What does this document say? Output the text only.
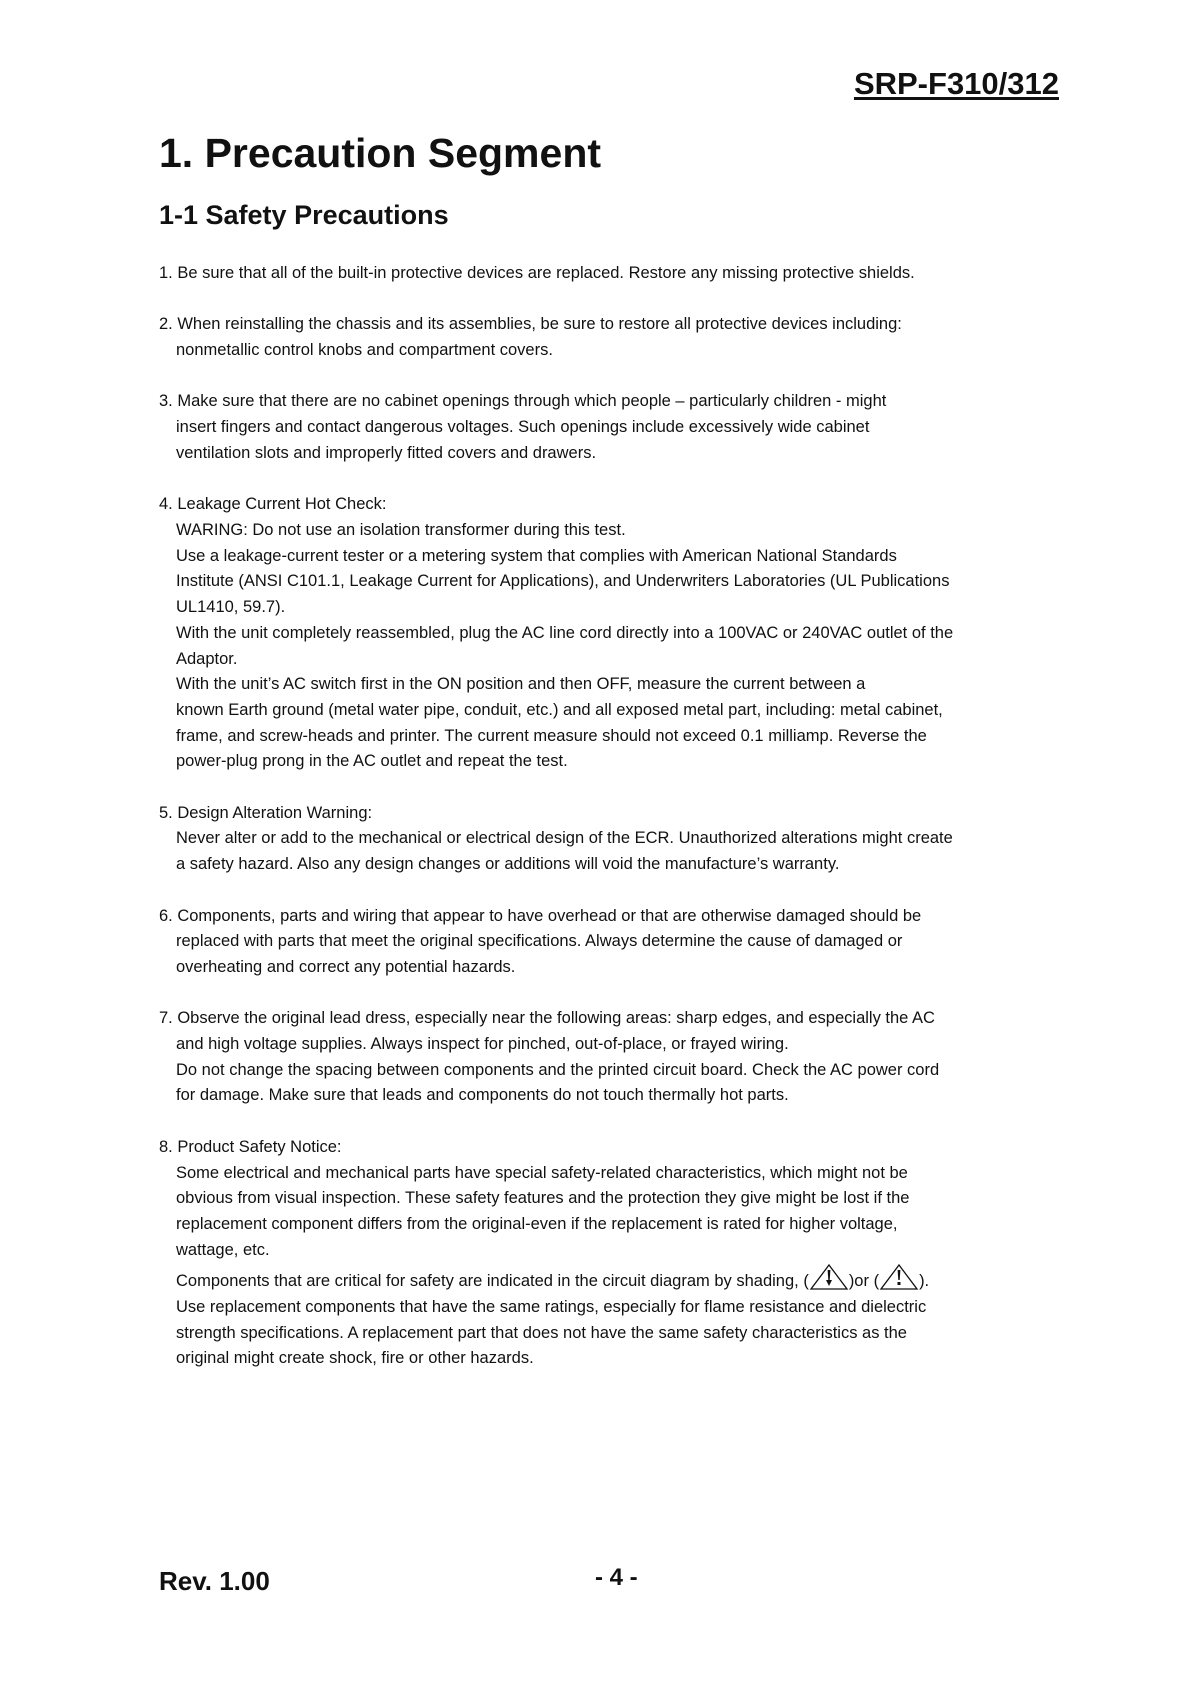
SRP-F310/312
1. Precaution Segment
1-1 Safety Precautions
1. Be sure that all of the built-in protective devices are replaced. Restore any missing protective shields.
2. When reinstalling the chassis and its assemblies, be sure to restore all protective devices including:
nonmetallic control knobs and compartment covers.
3. Make sure that there are no cabinet openings through which people – particularly children - might
insert fingers and contact dangerous voltages. Such openings include excessively wide cabinet
ventilation slots and improperly fitted covers and drawers.
4. Leakage Current Hot Check:
WARING: Do not use an isolation transformer during this test.
Use a leakage-current tester or a metering system that complies with American National Standards
Institute (ANSI C101.1, Leakage Current for Applications), and Underwriters Laboratories (UL Publications
UL1410, 59.7).
With the unit completely reassembled, plug the AC line cord directly into a 100VAC or 240VAC outlet of the
Adaptor.
With the unit’s AC switch first in the ON position and then OFF, measure the current between a
known Earth ground (metal water pipe, conduit, etc.) and all exposed metal part, including: metal cabinet,
frame, and screw-heads and printer. The current measure should not exceed 0.1 milliamp. Reverse the
power-plug prong in the AC outlet and repeat the test.
5. Design Alteration Warning:
Never alter or add to the mechanical or electrical design of the ECR. Unauthorized alterations might create
a safety hazard. Also any design changes or additions will void the manufacture’s warranty.
6. Components, parts and wiring that appear to have overhead or that are otherwise damaged should be
replaced with parts that meet the original specifications. Always determine the cause of damaged or
overheating and correct any potential hazards.
7. Observe the original lead dress, especially near the following areas: sharp edges, and especially the AC
and high voltage supplies. Always inspect for pinched, out-of-place, or frayed wiring.
Do not change the spacing between components and the printed circuit board. Check the AC power cord
for damage. Make sure that leads and components do not touch thermally hot parts.
8. Product Safety Notice:
Some electrical and mechanical parts have special safety-related characteristics, which might not be
obvious from visual inspection. These safety features and the protection they give might be lost if the
replacement component differs from the original-even if the replacement is rated for higher voltage,
wattage, etc.
Components that are critical for safety are indicated in the circuit diagram by shading, ( )or ( ).
Use replacement components that have the same ratings, especially for flame resistance and dielectric
strength specifications. A replacement part that does not have the same safety characteristics as the
original might create shock, fire or other hazards.
Rev. 1.00	- 4 -
